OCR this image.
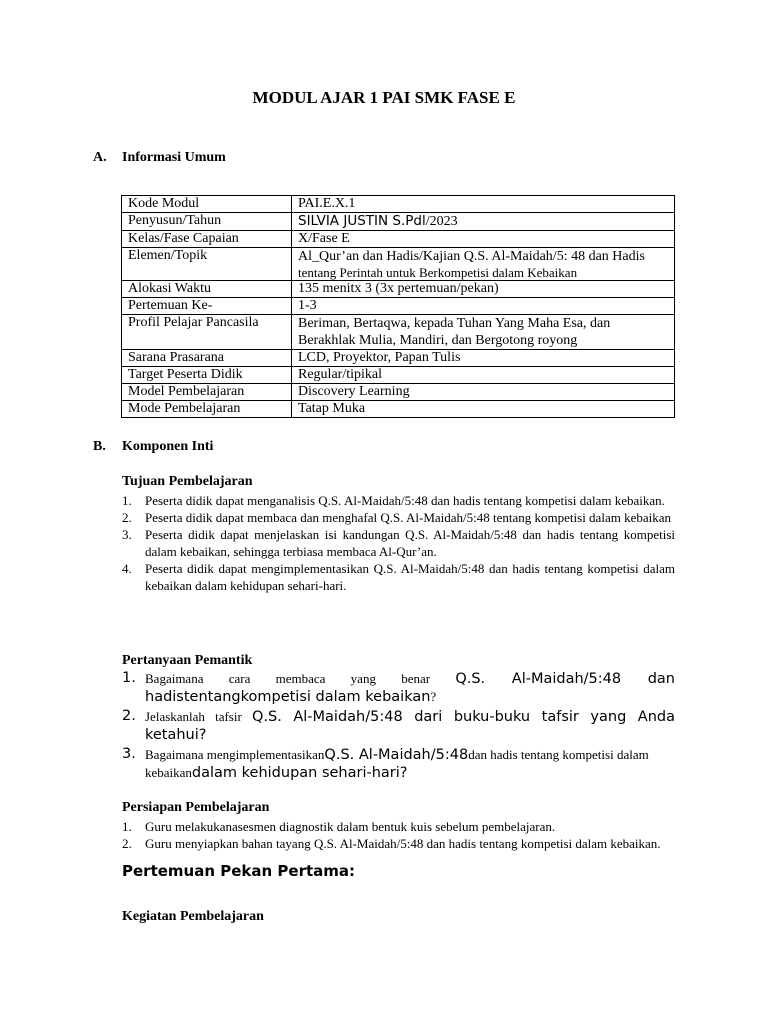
MODUL AJAR 1 PAI SMK FASE E
A. Informasi Umum
Kode Modul	PAI.E.X.1
Penyusun/Tahun	SILVIA JUSTIN S.Pdl/2023
Kelas/Fase Capaian	X/Fase E
Elemen/Topik	Al_Qur’an dan Hadis/Kajian Q.S. Al-Maidah/5: 48 dan Hadis
tentang Perintah untuk Berkompetisi dalam Kebaikan

Alokasi Waktu	135 menitx 3 (3x pertemuan/pekan)
Pertemuan Ke-	1-3
Profil Pelajar Pancasila	Beriman, Bertaqwa, kepada Tuhan Yang Maha Esa, dan
Berakhlak Mulia, Mandiri, dan Bergotong royong

Sarana Prasarana	LCD, Proyektor, Papan Tulis
Target Peserta Didik	Regular/tipikal
Model Pembelajaran	Discovery Learning
Mode Pembelajaran	Tatap Muka
B. Komponen Inti
Tujuan Pembelajaran
1. Peserta didik dapat menganalisis Q.S. Al-Maidah/5:48 dan hadis tentang kompetisi dalam kebaikan.
2. Peserta didik dapat membaca dan menghafal Q.S. Al-Maidah/5:48 tentang kompetisi dalam kebaikan
3. Peserta didik dapat menjelaskan isi kandungan Q.S. Al-Maidah/5:48 dan hadis tentang kompetisi dalam kebaikan, sehingga terbiasa membaca Al-Qur’an.
4. Peserta didik dapat mengimplementasikan Q.S. Al-Maidah/5:48 dan hadis tentang kompetisi dalam kebaikan dalam kehidupan sehari-hari.
Pertanyaan Pemantik
1. Bagaimana cara membaca yang benar Q.S. Al-Maidah/5:48 dan hadistentangkompetisi dalam kebaikan?
2. Jelaskanlah tafsir Q.S. Al-Maidah/5:48 dari buku-buku tafsir yang Anda ketahui?
3. Bagaimana mengimplementasikanQ.S. Al-Maidah/5:48dan hadis tentang kompetisi dalam kebaikandalam kehidupan sehari-hari?
Persiapan Pembelajaran
1. Guru melakukanasesmen diagnostik dalam bentuk kuis sebelum pembelajaran.
2. Guru menyiapkan bahan tayang Q.S. Al-Maidah/5:48 dan hadis tentang kompetisi dalam kebaikan.
Pertemuan Pekan Pertama:
Kegiatan Pembelajaran
